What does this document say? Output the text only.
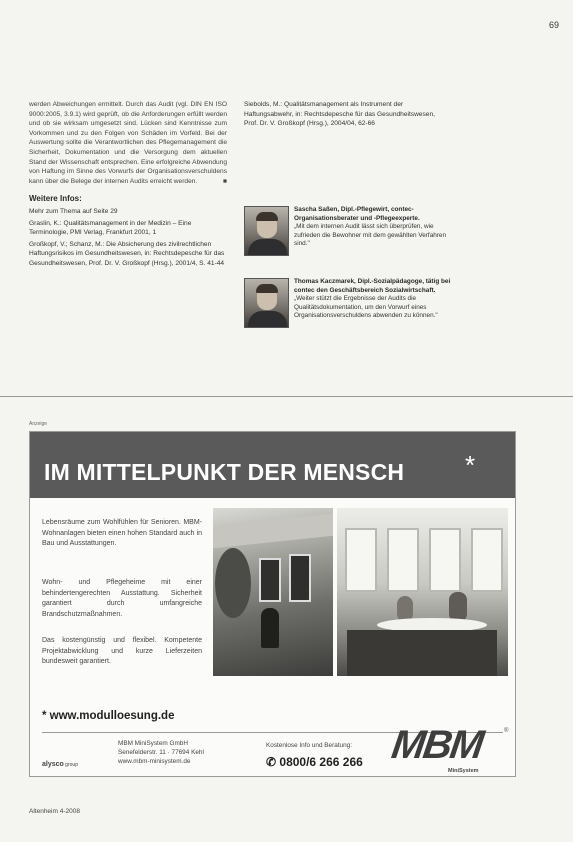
69

werden Abweichungen ermittelt. Durch das Audit (vgl. DIN EN ISO 9000:2005, 3.9.1) wird geprüft, ob die Anforderungen erfüllt werden und ob sie wirksam umgesetzt sind. Lücken sind Kenntnisse zum Vorkommen und zu den Folgen von Schäden im Vorfeld. Bei der Auswertung sollte die Verantwortlichen des Pflegemanagement die Sicherheit, Dokumentation und die Versorgung dem aktuellen Stand der Wissenschaft entsprechen. Eine erfolgreiche Abwendung von Haftung im Sinne des Vorwurfs der Organisationsverschuldens kann über die Belege der internen Audits erreicht werden.	■

Weitere Infos:

Mehr zum Thema auf Seite 29

Graslin, K.: Qualitätsmanagement in der Medizin – Eine Terminologie, PMI Verlag, Frankfurt 2001, 1

Großkopf, V.; Schanz, M.: Die Absicherung des zivilrechtlichen Haftungsrisikos im Gesundheitswesen, in: Rechtsdepesche für das Gesundheitswesen, Prof. Dr. V. Großkopf (Hrsg.), 2001/4, S. 41-44

Siebolds, M.: Qualitätsmanagement als Instrument der Haftungsabwehr, in: Rechtsdepesche für das Gesundheitswesen, Prof. Dr. V. Großkopf (Hrsg.), 2004/04, 62-66

Sascha Saßen, Dipl.-Pflegewirt, contec-Organisationsberater und -Pflegeexperte.
„Mit dem internen Audit lässt sich überprüfen, wie zufrieden die Bewohner mit dem gewählten Verfahren sind."
Thomas Kaczmarek, Dipl.-Sozialpädagoge, tätig bei contec den Geschäftsbereich Sozialwirtschaft.
„Weiter stützt die Ergebnisse der Audits die Qualitätsdokumentation, um den Vorwurf eines Organisationsverschuldens abwenden zu können."
Anzeige
IM MITTELPUNKT DER MENSCH *
Lebensräume zum Wohlfühlen für Senioren. MBM-Wohnanlagen bieten einen hohen Standard auch in Bau und Ausstattungen.
Wohn- und Pflegeheime mit einer behindertengerechten Ausstattung. Sicherheit garantiert durch umfangreiche Brandschutzmaßnahmen.
Das kostengünstig und flexibel. Kompetente Projektabwicklung und kurze Lieferzeiten bundesweit garantiert.
* www.modulloesung.de
alysco group
MBM MiniSystem GmbH
Senefelderstr. 11 · 77694 Kehl
www.mbm-minisystem.de
Kostenlose Info und Beratung:
✆ 0800/6 266 266 MBM	®
MiniSystem
Altenheim 4-2008
